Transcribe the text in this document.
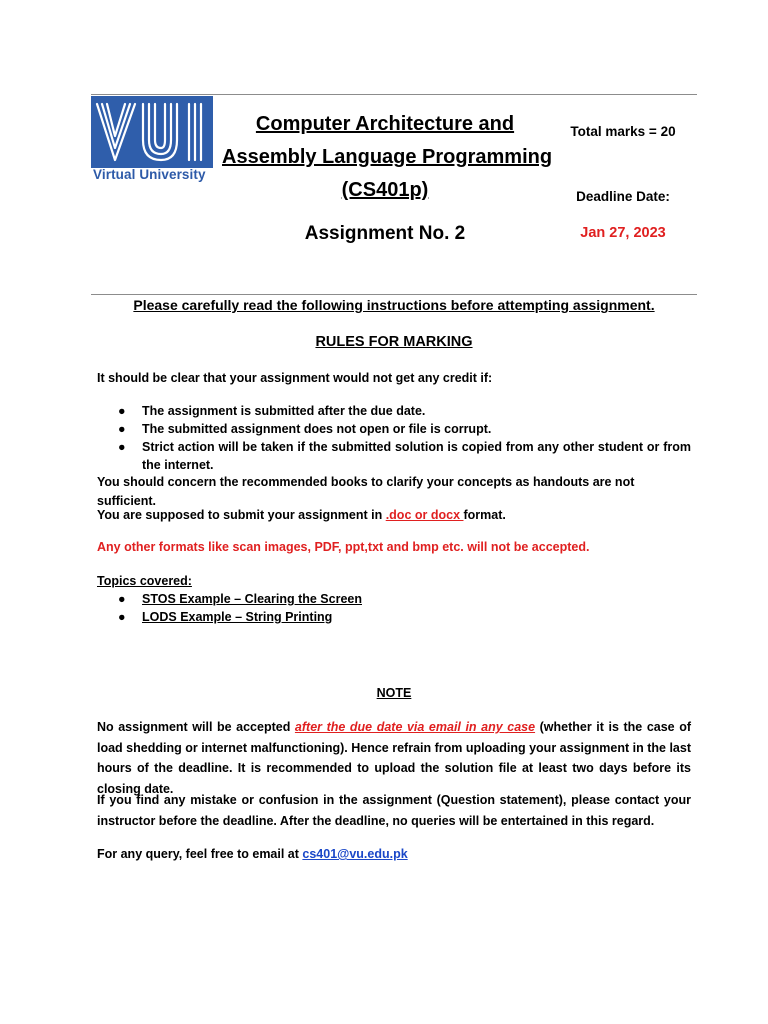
VU
Virtual University
Computer Architecture and
Assembly Language Programming
(CS401p)
Assignment No. 2
Total marks = 20
Deadline Date:
Jan 27, 2023
Please carefully read the following instructions before attempting assignment.
RULES FOR MARKING
It should be clear that your assignment would not get any credit if:
● The assignment is submitted after the due date.
● The submitted assignment does not open or file is corrupt.
● Strict action will be taken if the submitted solution is copied from any other student or from the internet.
You should concern the recommended books to clarify your concepts as handouts are not sufficient.
You are supposed to submit your assignment in .doc or docx format.
Any other formats like scan images, PDF, ppt,txt and bmp etc. will not be accepted.
Topics covered:
● STOS Example – Clearing the Screen
● LODS Example – String Printing
NOTE
No assignment will be accepted after the due date via email in any case (whether it is the case of load shedding or internet malfunctioning). Hence refrain from uploading your assignment in the last hours of the deadline. It is recommended to upload the solution file at least two days before its closing date.
If you find any mistake or confusion in the assignment (Question statement), please contact your instructor before the deadline. After the deadline, no queries will be entertained in this regard.
For any query, feel free to email at cs401@vu.edu.pk
